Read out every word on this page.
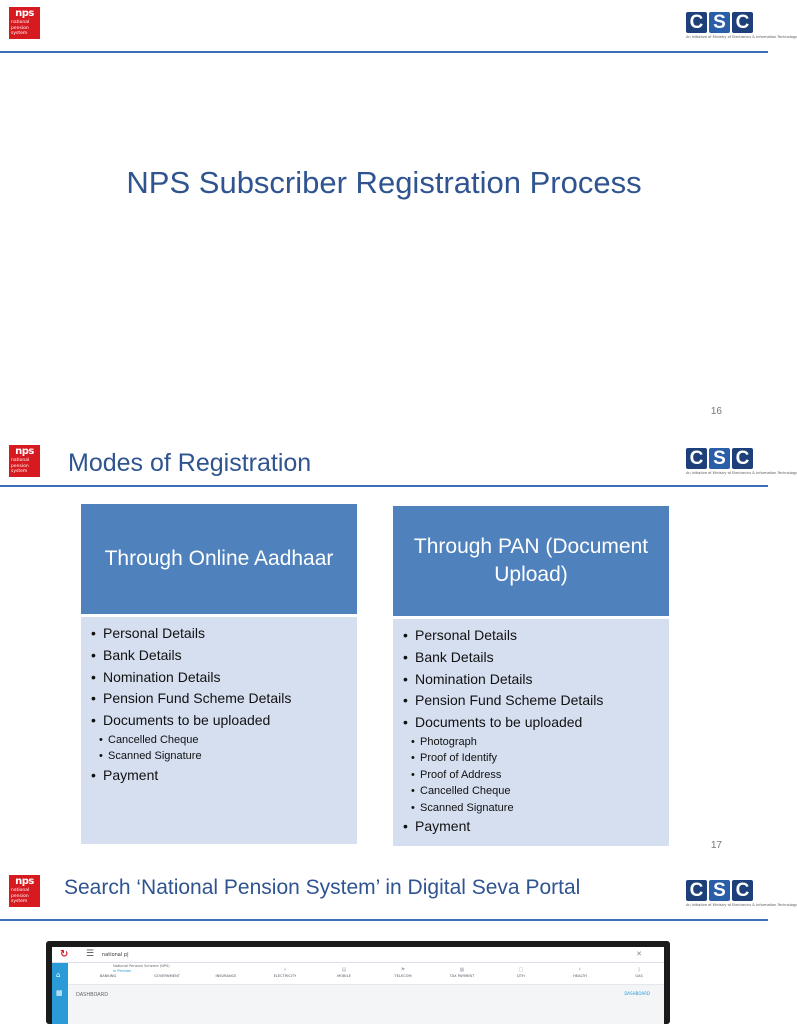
nps
national
pension
system
C S C
An Initiative of Ministry of Electronics & Information Technology
NPS Subscriber Registration Process
16
nps
national
pension
system Modes of Registration	C S C
An Initiative of Ministry of Electronics & Information Technology
Through Online Aadhaar
• Personal Details
• Bank Details
• Nomination Details
• Pension Fund Scheme Details
• Documents to be uploaded
• Cancelled Cheque
• Scanned Signature
• Payment
Through PAN (Document Upload)
• Personal Details
• Bank Details
• Nomination Details
• Pension Fund Scheme Details
• Documents to be uploaded
• Photograph
• Proof of Identify
• Proof of Address
• Cancelled Cheque
• Scanned Signature
• Payment
17
nps
national
pension
system
Search ‘National Pension System’ in Digital Seva Portal	C S C
An Initiative of Ministry of Electronics & Information Technology
↻	☰ national p|	✕
⌂
▦
National Pension Scheme (NPS)
in Pension

BANKING
	GOVERNMENT
	INSURANCE
⚡
ELECTRICITY
▤
MOBILE
⚑
TELECOM
▦
TAX PAYMENT
□
DTH
⚕
HEALTH
▯
GAS
DASHBOARD	DASHBOARD
